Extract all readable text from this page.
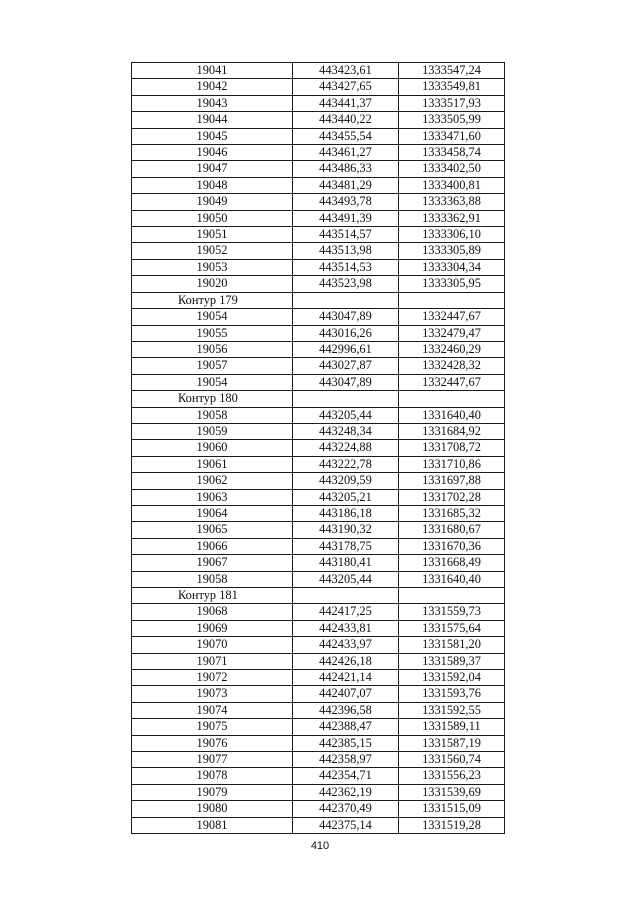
19041	443423,61	1333547,24
19042	443427,65	1333549,81
19043	443441,37	1333517,93
19044	443440,22	1333505,99
19045	443455,54	1333471,60
19046	443461,27	1333458,74
19047	443486,33	1333402,50
19048	443481,29	1333400,81
19049	443493,78	1333363,88
19050	443491,39	1333362,91
19051	443514,57	1333306,10
19052	443513,98	1333305,89
19053	443514,53	1333304,34
19020	443523,98	1333305,95
Контур 179		
19054	443047,89	1332447,67
19055	443016,26	1332479,47
19056	442996,61	1332460,29
19057	443027,87	1332428,32
19054	443047,89	1332447,67
Контур 180		
19058	443205,44	1331640,40
19059	443248,34	1331684,92
19060	443224,88	1331708,72
19061	443222,78	1331710,86
19062	443209,59	1331697,88
19063	443205,21	1331702,28
19064	443186,18	1331685,32
19065	443190,32	1331680,67
19066	443178,75	1331670,36
19067	443180,41	1331668,49
19058	443205,44	1331640,40
Контур 181		
19068	442417,25	1331559,73
19069	442433,81	1331575,64
19070	442433,97	1331581,20
19071	442426,18	1331589,37
19072	442421,14	1331592,04
19073	442407,07	1331593,76
19074	442396,58	1331592,55
19075	442388,47	1331589,11
19076	442385,15	1331587,19
19077	442358,97	1331560,74
19078	442354,71	1331556,23
19079	442362,19	1331539,69
19080	442370,49	1331515,09
19081	442375,14	1331519,28
410
